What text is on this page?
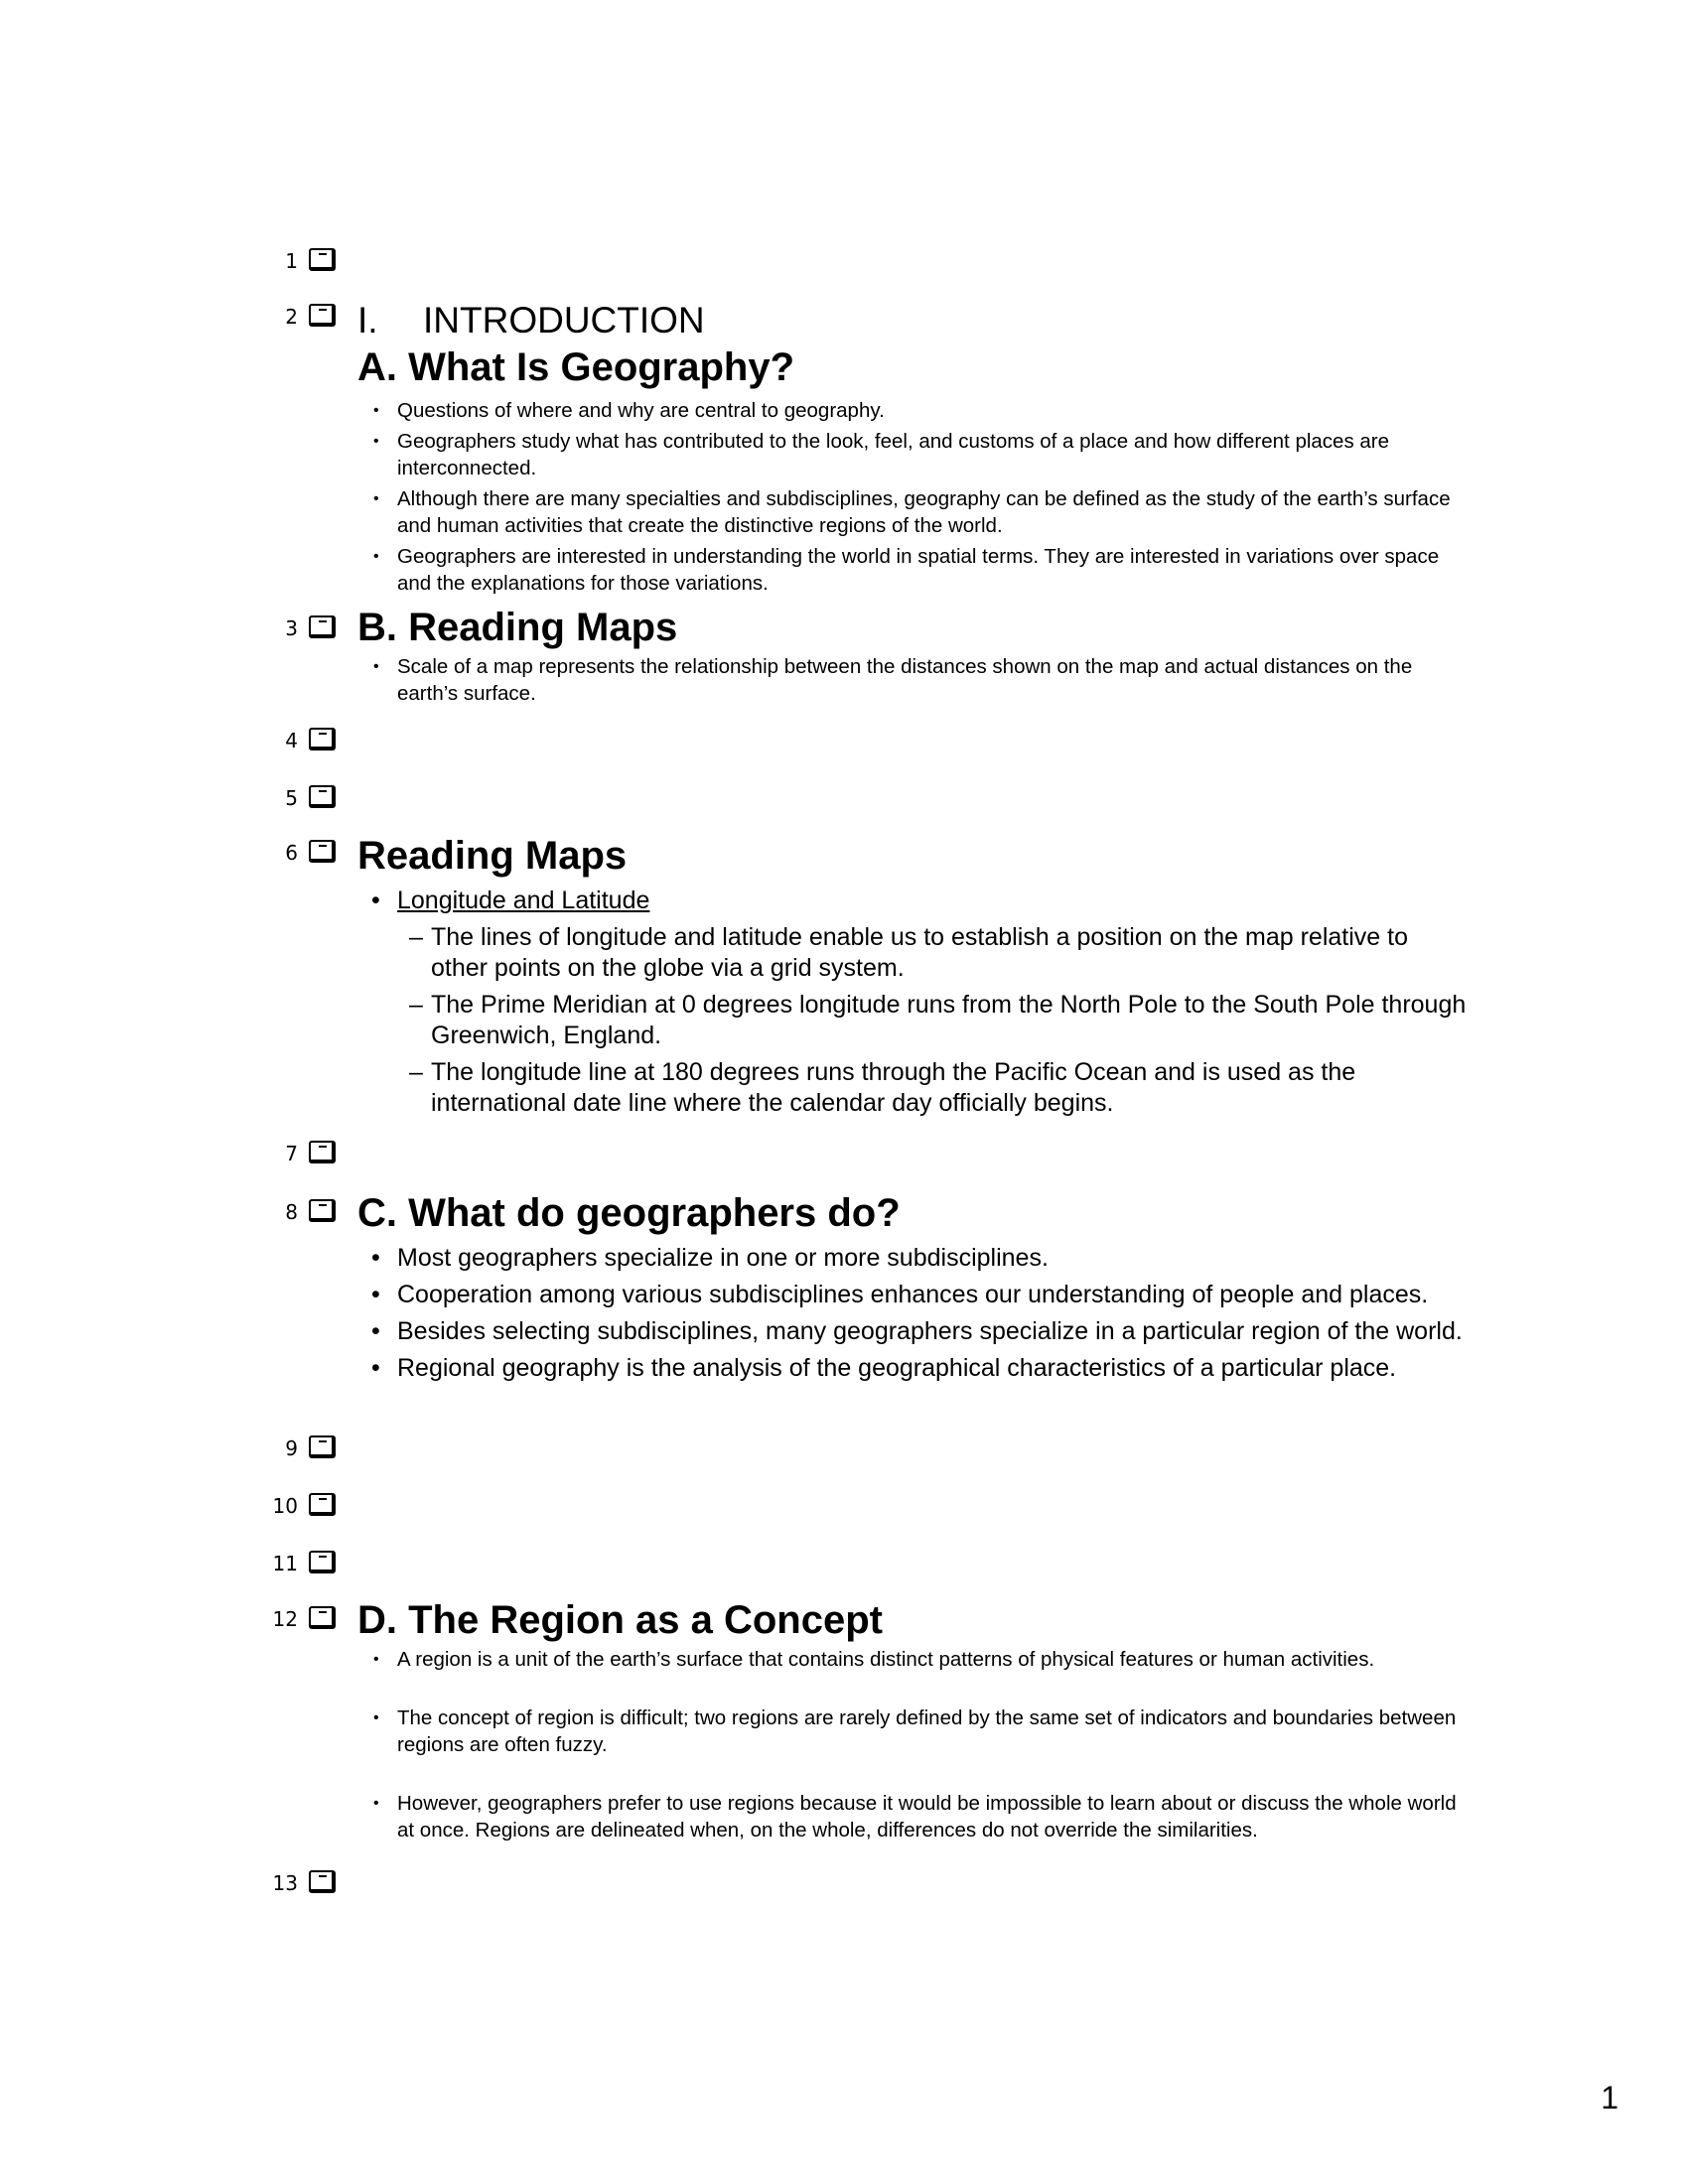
1
2 I. INTRODUCTION
A. What Is Geography?
• Questions of where and why are central to geography.
• Geographers study what has contributed to the look, feel, and customs of a place and how different places are interconnected.
• Although there are many specialties and subdisciplines, geography can be defined as the study of the earth’s surface and human activities that create the distinctive regions of the world.
• Geographers are interested in understanding the world in spatial terms. They are interested in variations over space and the explanations for those variations.
3 B. Reading Maps
• Scale of a map represents the relationship between the distances shown on the map and actual distances on the earth’s surface.
4
5
6 Reading Maps
• Longitude and Latitude
– The lines of longitude and latitude enable us to establish a position on the map relative to other points on the globe via a grid system.
– The Prime Meridian at 0 degrees longitude runs from the North Pole to the South Pole through Greenwich, England.
– The longitude line at 180 degrees runs through the Pacific Ocean and is used as the international date line where the calendar day officially begins.
7
8 C. What do geographers do?
• Most geographers specialize in one or more subdisciplines.
• Cooperation among various subdisciplines enhances our understanding of people and places.
• Besides selecting subdisciplines, many geographers specialize in a particular region of the world.
• Regional geography is the analysis of the geographical characteristics of a particular place.
9
10
11
12 D. The Region as a Concept
• A region is a unit of the earth’s surface that contains distinct patterns of physical features or human activities.
• The concept of region is difficult; two regions are rarely defined by the same set of indicators and boundaries between regions are often fuzzy.
• However, geographers prefer to use regions because it would be impossible to learn about or discuss the whole world at once. Regions are delineated when, on the whole, differences do not override the similarities.
13
1
